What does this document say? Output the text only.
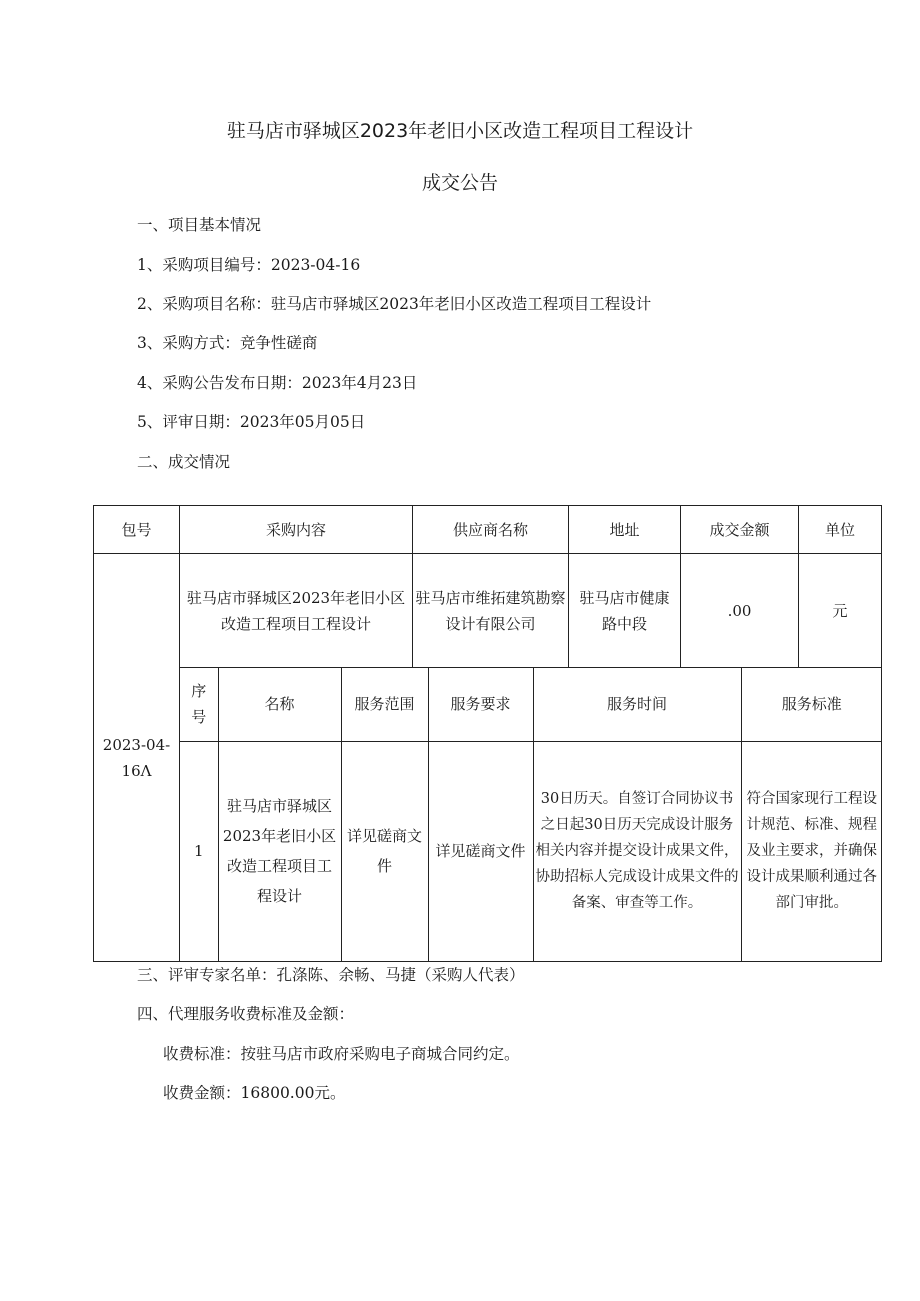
驻马店市驿城区2023年老旧小区改造工程项目工程设计
成交公告
一、项目基本情况
1、采购项目编号：2023-04-16
2、采购项目名称：驻马店市驿城区2023年老旧小区改造工程项目工程设计
3、采购方式：竞争性磋商
4、采购公告发布日期：2023年4月23日
5、评审日期：2023年05月05日
二、成交情况
包号	采购内容	供应商名称	地址	成交金额	单位
2023-04-16Λ	驻马店市驿城区2023年老旧小区改造工程项目工程设计	驻马店市维拓建筑勘察设计有限公司	驻马店市健康路中段	.00	元

序号	名称	服务范围	服务要求	服务时间	服务标准
1	驻马店市驿城区2023年老旧小区改造工程项目工程设计	详见磋商文件	详见磋商文件	30日历天。自签订合同协议书之日起30日历天完成设计服务相关内容并提交设计成果文件，协助招标人完成设计成果文件的备案、审查等工作。	符合国家现行工程设计规范、标准、规程及业主要求，并确保设计成果顺利通过各部门审批。
三、评审专家名单：孔涤陈、余畅、马捷（采购人代表）
四、代理服务收费标准及金额：
收费标准：按驻马店市政府采购电子商城合同约定。
收费金额：16800.00元。
